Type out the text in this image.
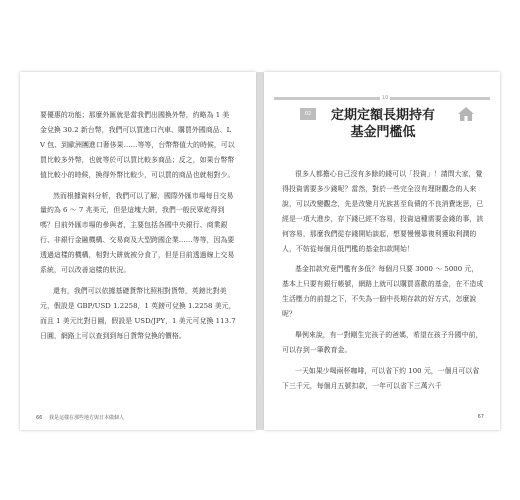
要優惠的功能；那麼外匯就是當我們出國換外幣，約略為 1 美金兌換 30.2 新台幣，我們可以買進口汽車、購買外國商品、L V 包、到歐洲團進口奢侈果……等等，台幣幣值大的時候，可以買比較多外幣，也就等於可以買比較多商品；反之，如果台幣幣值比較小的時候，換得外幣比較少，可以買的商品也就相對少。

然而根據資料分析，我們可以了解，國際外匯市場每日交易量約為 6 ～ 7 兆美元，但是這塊大餅，我們一般民眾屹得到嗎？目前外匯市場的參與者，主要包括各國中央銀行、商業銀行、非銀行金融機構、交易商及大型跨國企業……等等，因為要透過這樣的機構，相對大餅就被分食了，但是目前透過線上交易系統，可以改善這樣的狀況。

還有，我們可以依據基礎貨幣比照相對貨幣，英鎊比對美元，假設是 GBP/USD 1.2258，1 英鎊可兌換 1.2258 美元，而且 1 美元比對日圓，假設是 USD/JPY，1 美元可兌換 113.7 日圓，網路上可以查到到每日貨幣兌換的價格。

66 我是這樣在那些地方與日本做個人
1/2
02	定期定額長期持有
基金門檻低

很多人都擔心自己沒有多餘的錢可以「投資」！請問大家，覺得投資需要多少錢呢？當然，對於一些完全沒有理財觀念的人來說，可以改變觀念，先是改變月光族甚至負債的不良消費迷思，已經是一項大進步，存下錢已經不容易，投資這種需要金錢的事，該何容易，那麼我們從存錢開始談起，想要慢慢靠複利獲取利潤的人，不妨從每個月低門檻的基金扣款開始！

基金扣款究竟門檻有多低？每個月只要 3000 ～ 5000 元，基本上只要有銀行帳號，網路上就可以購買喜歡的基金，在不造成生活壓力的前提之下，不失為一個中長期存款的好方式，怎麼說呢？

舉例來說，有一對剛生完孩子的爸媽，希望在孩子升國中前，可以存到一筆教育金。

一天如果少喝兩杯咖啡，可以省下約 100 元，一個月可以省下三千元，每個月五號扣款，一年可以省下三萬六千

67
